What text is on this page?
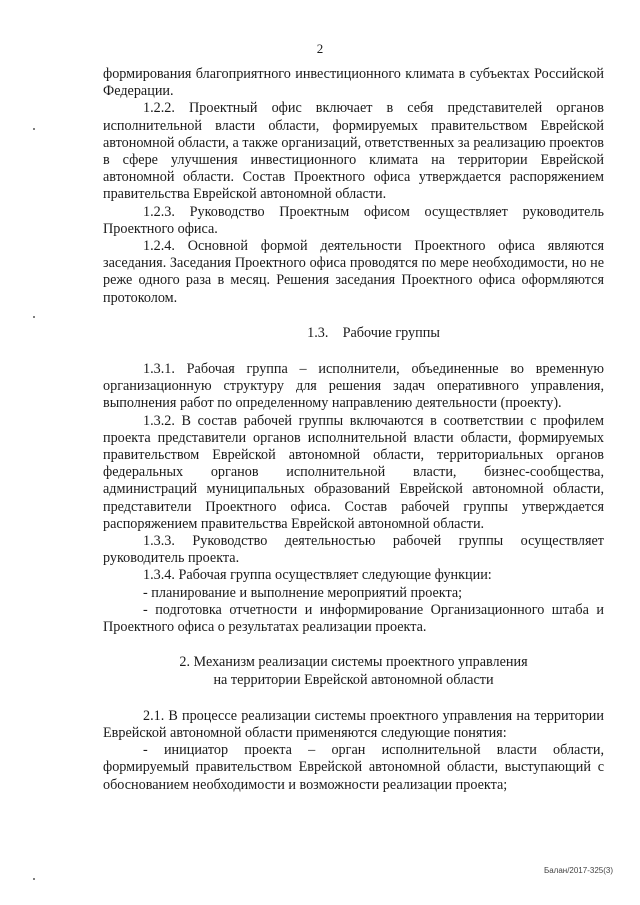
2

формирования благоприятного инвестиционного климата в субъектах Российской Федерации.

1.2.2. Проектный офис включает в себя представителей органов исполнительной власти области, формируемых правительством Еврейской автономной области, а также организаций, ответственных за реализацию проектов в сфере улучшения инвестиционного климата на территории Еврейской автономной области. Состав Проектного офиса утверждается распоряжением правительства Еврейской автономной области.

1.2.3. Руководство Проектным офисом осуществляет руководитель Проектного офиса.

1.2.4. Основной формой деятельности Проектного офиса являются заседания. Заседания Проектного офиса проводятся по мере необходимости, но не реже одного раза в месяц. Решения заседания Проектного офиса оформляются протоколом.

1.3.    Рабочие группы

1.3.1. Рабочая группа – исполнители, объединенные во временную организационную структуру для решения задач оперативного управления, выполнения работ по определенному направлению деятельности (проекту).

1.3.2. В состав рабочей группы включаются в соответствии с профилем проекта представители органов исполнительной власти области, формируемых правительством Еврейской автономной области, территориальных органов федеральных органов исполнительной власти, бизнес-сообщества, администраций муниципальных образований Еврейской автономной области, представители Проектного офиса. Состав рабочей группы утверждается распоряжением правительства Еврейской автономной области.

1.3.3. Руководство деятельностью рабочей группы осуществляет руководитель проекта.

1.3.4. Рабочая группа осуществляет следующие функции:

- планирование и выполнение мероприятий проекта;

- подготовка отчетности и информирование Организационного штаба и Проектного офиса о результатах реализации проекта.

2. Механизм реализации системы проектного управления
на территории Еврейской автономной области

2.1. В процессе реализации системы проектного управления на территории Еврейской автономной области применяются следующие понятия:

- инициатор проекта – орган исполнительной власти области, формируемый правительством Еврейской автономной области, выступающий с обоснованием необходимости и возможности реализации проекта;

Балан/2017-325(3)
